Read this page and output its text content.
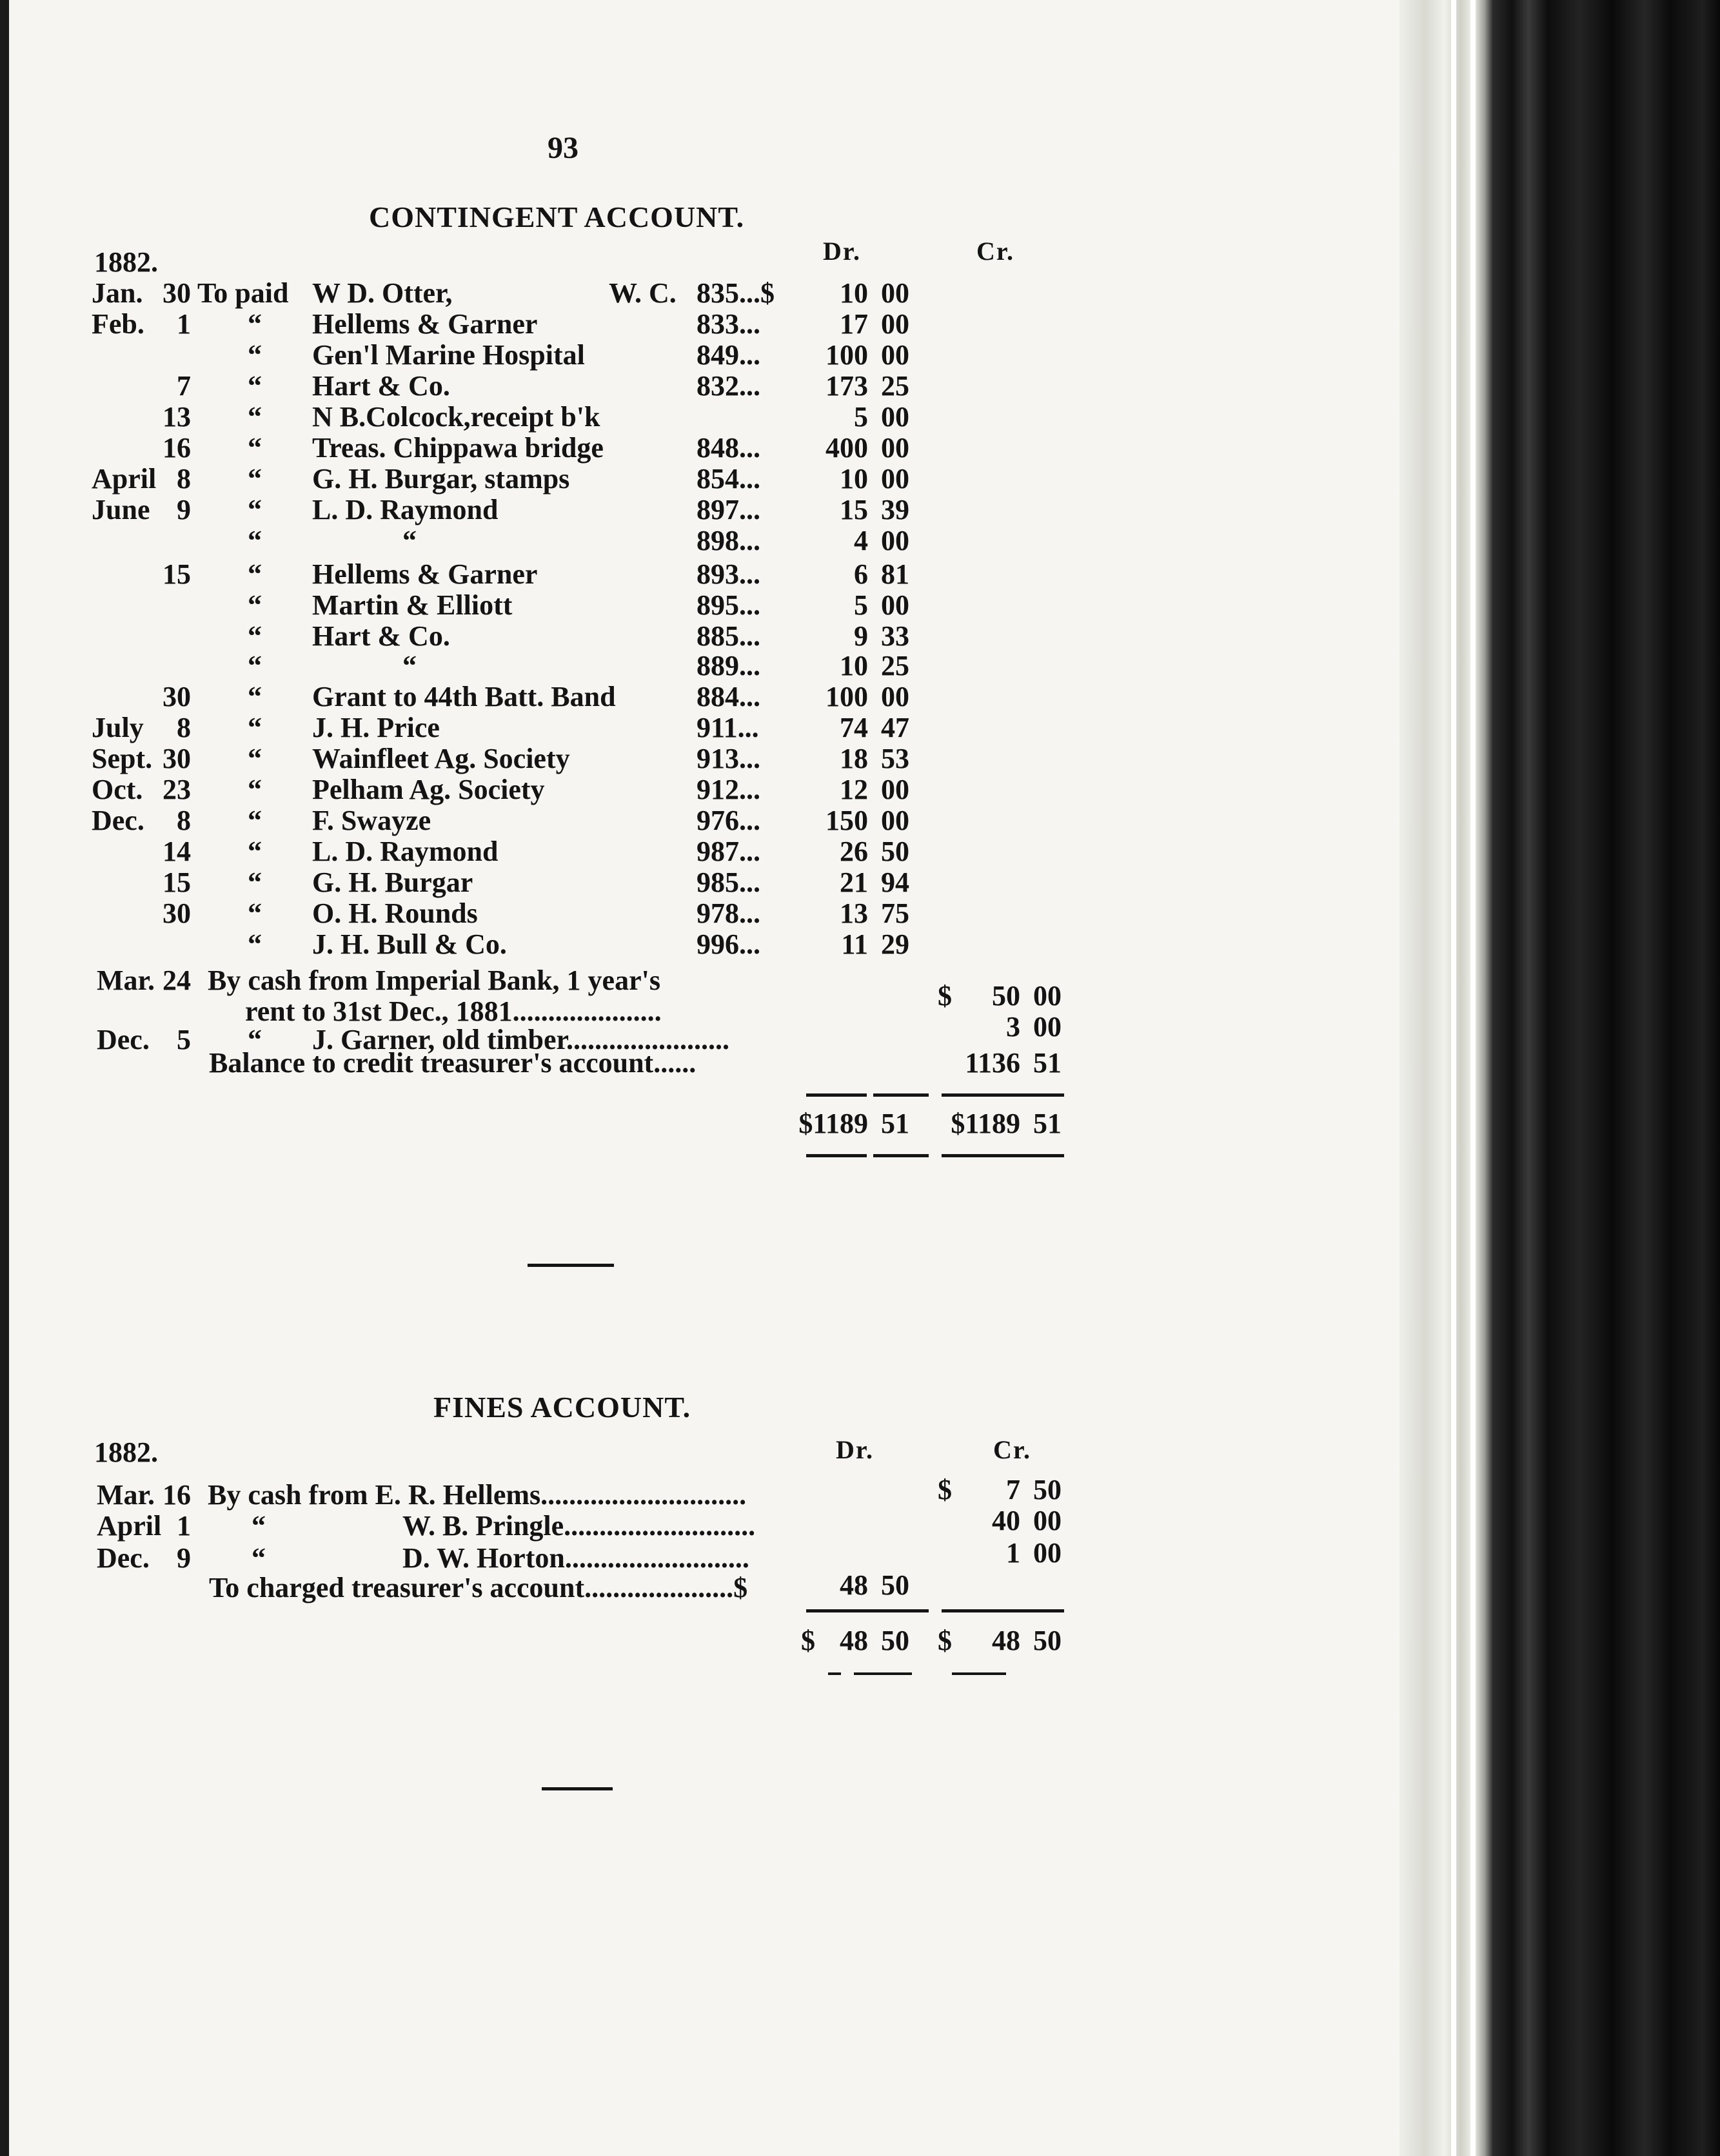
93
CONTINGENT ACCOUNT.
Dr.	Cr.
1882.
Jan. 30 To paid W D. Otter,	W. C. 835...$	10 00
Feb.	1 “ Hellems & Garner	833...	17 00
“ Gen'l Marine Hospital	849...	100 00
7 “ Hart & Co.	832...	173 25
13 “ N B.Colcock,receipt b'k	5 00
16 “ Treas. Chippawa bridge	848...	400 00
April 8 “ G. H. Burgar, stamps	854...	10 00
June 9 “ L. D. Raymond	897...	15 39
“	“	898...	4 00
15 “ Hellems & Garner	893...	6 81
“ Martin & Elliott	895...	5 00
“ Hart & Co.	885...	9 33
“	“	889...	10 25
30 “ Grant to 44th Batt. Band	884...	100 00
July	8 “ J. H. Price	911...	74 47
Sept. 30 “ Wainfleet Ag. Society	913...	18 53
Oct. 23 “ Pelham Ag. Society	912...	12 00
Dec.	8 “ F. Swayze	976...	150 00
14 “ L. D. Raymond	987...	26 50
15 “ G. H. Burgar	985...	21 94
30 “ O. H. Rounds	978...	13 75
“ J. H. Bull & Co.	996...	11 29
Mar. 24 By cash from Imperial Bank, 1 year's
rent to 31st Dec., 1881.....................	$	50 00
Dec. 5 “ J. Garner, old timber.......................	3 00
Balance to credit treasurer's account......	1136 51
$1189 51	$1189 51
FINES ACCOUNT.
1882.	Dr.	Cr.
Mar. 16 By cash from E. R. Hellems.............................	$	7 50
April 1 “	W. B. Pringle...........................	40 00
Dec. 9 “	D. W. Horton..........................	1 00
To charged treasurer's account.....................$	48 50
$ 48 50 $	48 50
